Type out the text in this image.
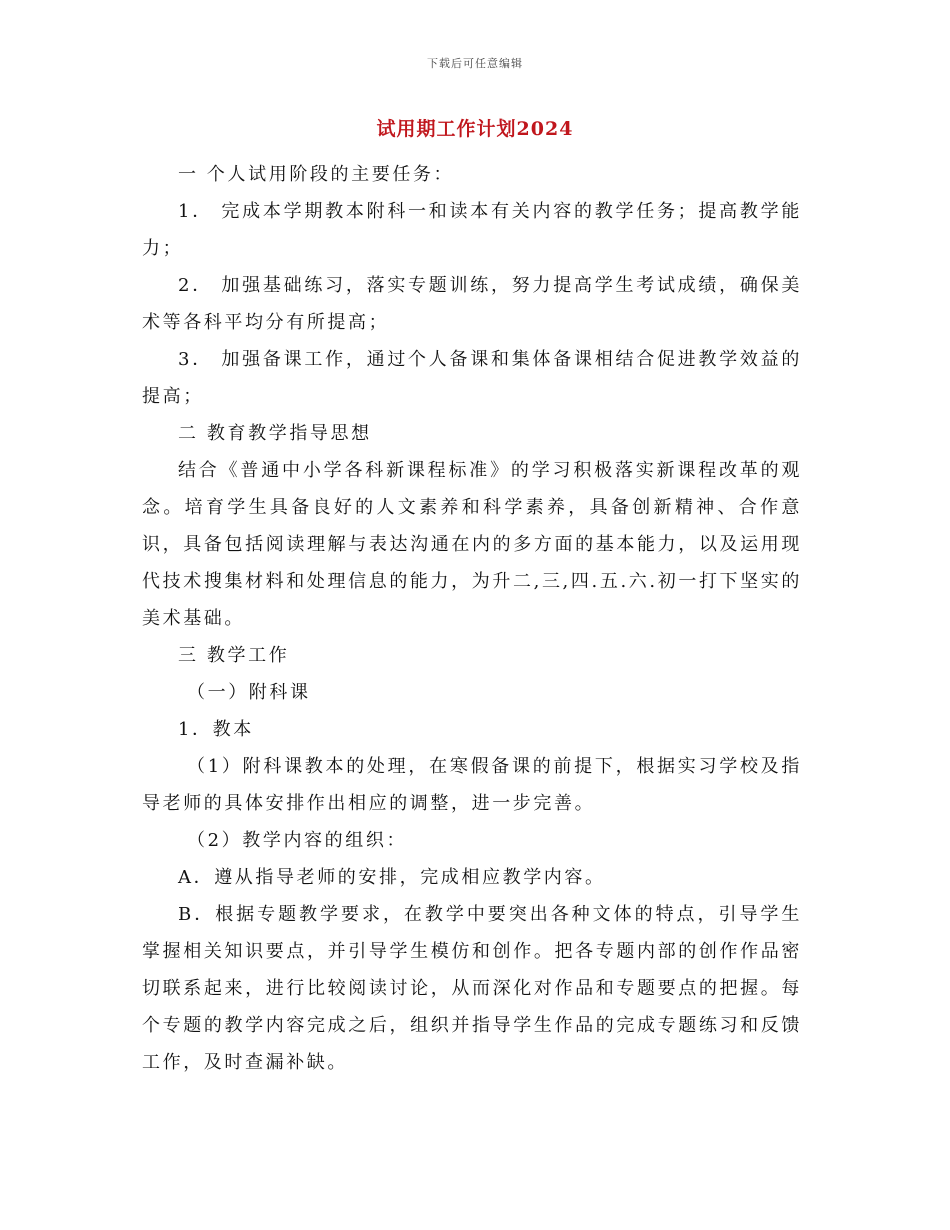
下载后可任意编辑
试用期工作计划2024

一 个人试用阶段的主要任务：

1． 完成本学期教本附科一和读本有关内容的教学任务；提高教学能力；

2． 加强基础练习，落实专题训练，努力提高学生考试成绩，确保美术等各科平均分有所提高；

3． 加强备课工作，通过个人备课和集体备课相结合促进教学效益的提高；

二 教育教学指导思想

结合《普通中小学各科新课程标准》的学习积极落实新课程改革的观念。培育学生具备良好的人文素养和科学素养，具备创新精神、合作意识，具备包括阅读理解与表达沟通在内的多方面的基本能力，以及运用现代技术搜集材料和处理信息的能力，为升二,三,四.五.六.初一打下坚实的美术基础。

三 教学工作

（一）附科课

1．教本

（1）附科课教本的处理，在寒假备课的前提下，根据实习学校及指导老师的具体安排作出相应的调整，进一步完善。

（2）教学内容的组织：

A．遵从指导老师的安排，完成相应教学内容。

B．根据专题教学要求，在教学中要突出各种文体的特点，引导学生掌握相关知识要点，并引导学生模仿和创作。把各专题内部的创作作品密切联系起来，进行比较阅读讨论，从而深化对作品和专题要点的把握。每个专题的教学内容完成之后，组织并指导学生作品的完成专题练习和反馈工作，及时查漏补缺。
